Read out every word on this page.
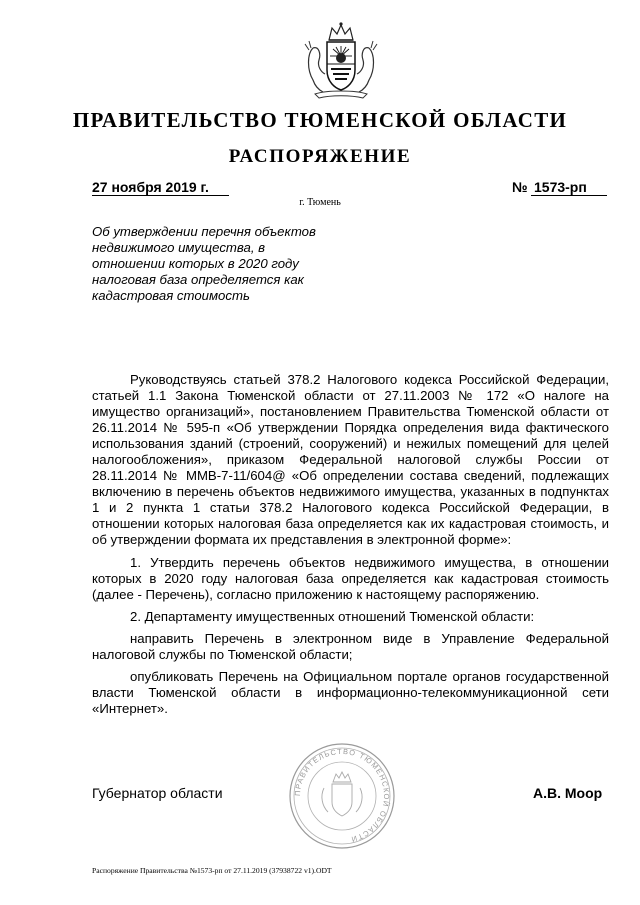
ПРАВИТЕЛЬСТВО ТЮМЕНСКОЙ ОБЛАСТИ
РАСПОРЯЖЕНИЕ
27 ноября 2019 г.
г. Тюмень
№ 1573-рп
Об утверждении перечня объектов недвижимого имущества, в отношении которых в 2020 году налоговая база определяется как кадастровая стоимость

Руководствуясь статьей 378.2 Налогового кодекса Российской Федерации, статьей 1.1 Закона Тюменской области от 27.11.2003 № 172 «О налоге на имущество организаций», постановлением Правительства Тюменской области от 26.11.2014 № 595-п «Об утверждении Порядка определения вида фактического использования зданий (строений, сооружений) и нежилых помещений для целей налогообложения», приказом Федеральной налоговой службы России от 28.11.2014 № ММВ-7-11/604@ «Об определении состава сведений, подлежащих включению в перечень объектов недвижимого имущества, указанных в подпунктах 1 и 2 пункта 1 статьи 378.2 Налогового кодекса Российской Федерации, в отношении которых налоговая база определяется как их кадастровая стоимость, и об утверждении формата их представления в электронной форме»:

1. Утвердить перечень объектов недвижимого имущества, в отношении которых в 2020 году налоговая база определяется как кадастровая стоимость (далее - Перечень), согласно приложению к настоящему распоряжению.

2. Департаменту имущественных отношений Тюменской области:

направить Перечень в электронном виде в Управление Федеральной налоговой службы по Тюменской области;

опубликовать Перечень на Официальном портале органов государственной власти Тюменской области в информационно-телекоммуникационной сети «Интернет».

ПРАВИТЕЛЬСТВО ТЮМЕНСКОЙ ОБЛАСТИ
Губернатор области	А.В. Моор
Распоряжение Правительства №1573-рп от 27.11.2019 (37938722 v1).ODT
